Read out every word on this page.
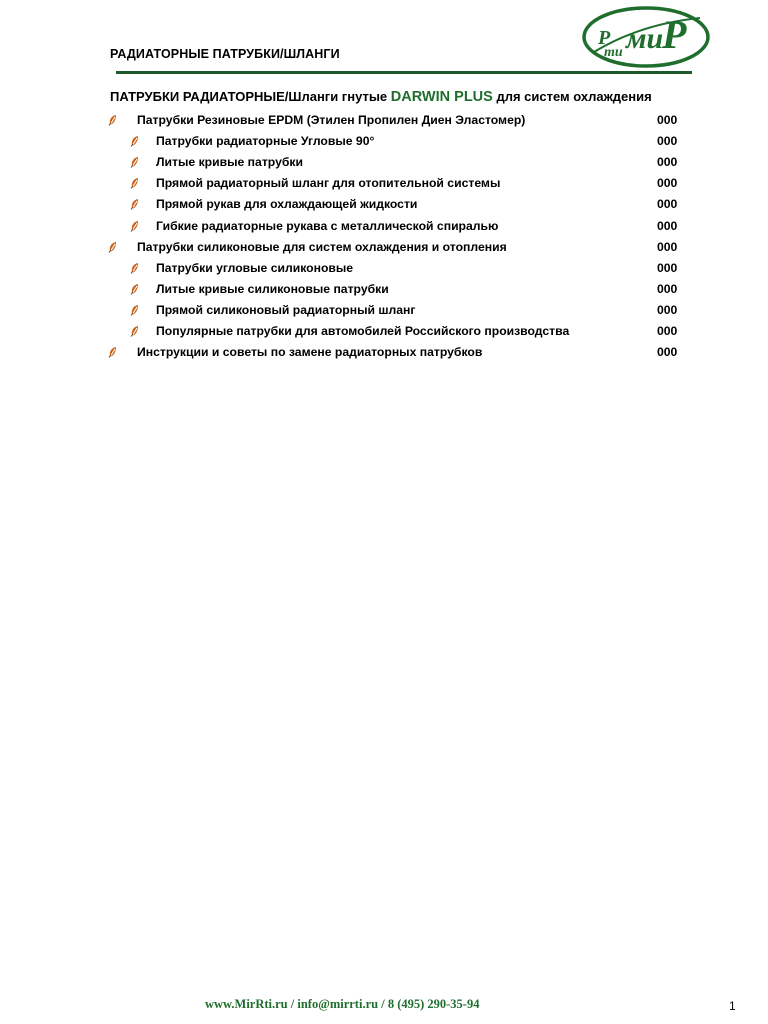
РАДИАТОРНЫЕ ПАТРУБКИ/ШЛАНГИ	ми
Р
Р
ти
ПАТРУБКИ РАДИАТОРНЫЕ/Шланги гнутые DARWIN PLUS для систем охлаждения
Патрубки Резиновые EPDM (Этилен Пропилен Диен Эластомер)	000
Патрубки радиаторные Угловые 90°	000
Литые кривые патрубки	000
Прямой радиаторный шланг для отопительной системы	000
Прямой рукав для охлаждающей жидкости	000
Гибкие радиаторные рукава с металлической спиралью	000
Патрубки силиконовые для систем охлаждения и отопления	000
Патрубки угловые силиконовые	000
Литые кривые силиконовые патрубки	000
Прямой силиконовый радиаторный шланг	000
Популярные патрубки для автомобилей Российского производства	000
Инструкции и советы по замене радиаторных патрубков	000
www.MirRti.ru / info@mirrti.ru / 8 (495) 290-35-94	1
